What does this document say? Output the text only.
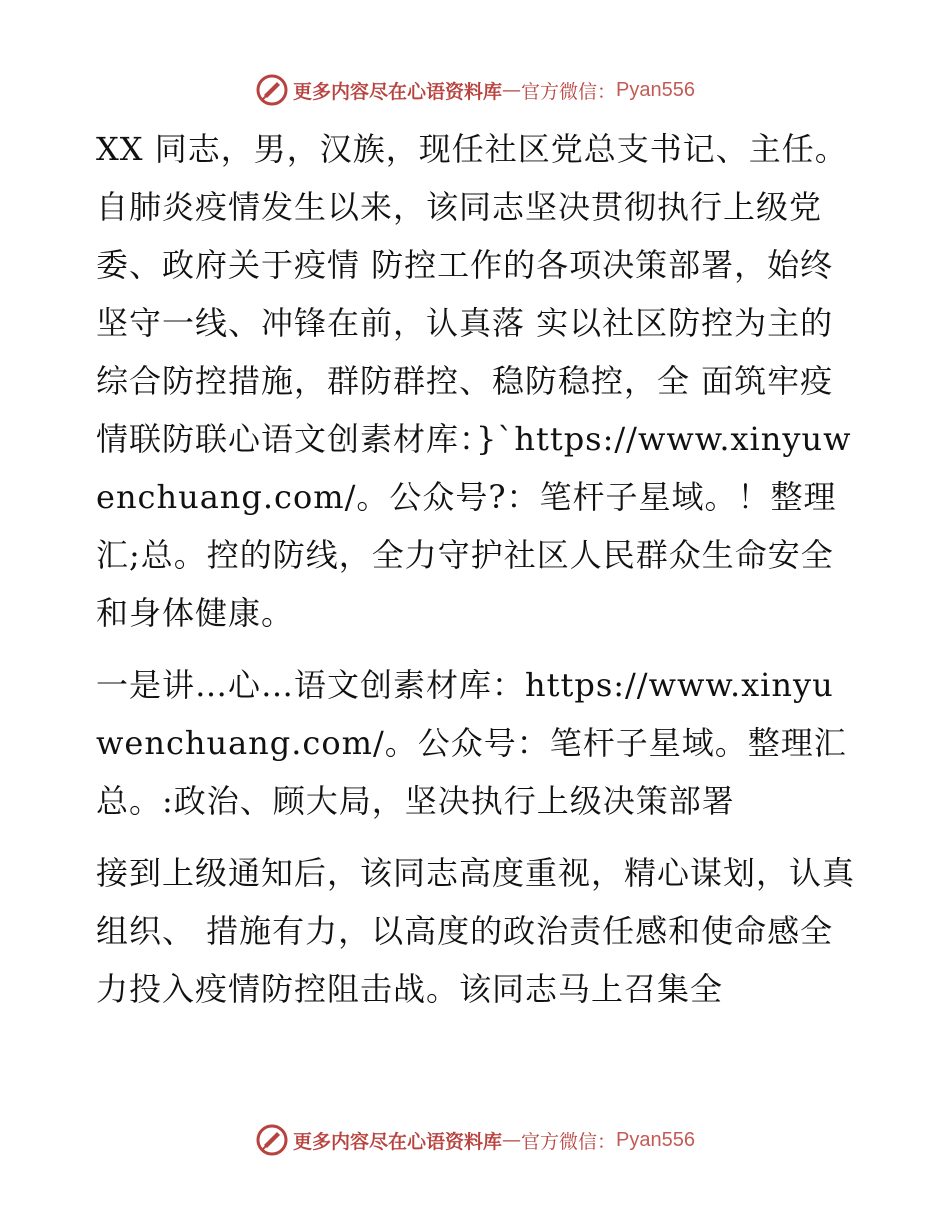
更多内容尽在心语资料库 — 官方微信： Pyan556

XX 同志，男，汉族，现任社区党总支书记、主任。自肺炎疫情发生以来，该同志坚决贯彻执行上级党委、政府关于疫情 防控工作的各项决策部署，始终坚守一线、冲锋在前，认真落 实以社区防控为主的综合防控措施，群防群控、稳防稳控，全 面筑牢疫情联防联心语文创素材库：}`https://www.xinyuwenchuang.com/。公众号?：笔杆子星域。！整理汇;总。控的防线，全力守护社区人民群众生命安全 和身体健康。

一是讲…心…语文创素材库：https://www.xinyuwenchuang.com/。公众号：笔杆子星域。整理汇总。:政治、顾大局，坚决执行上级决策部署

接到上级通知后，该同志高度重视，精心谋划，认真组织、 措施有力，以高度的政治责任感和使命感全力投入疫情防控阻击战。该同志马上召集全

更多内容尽在心语资料库 — 官方微信： Pyan556
